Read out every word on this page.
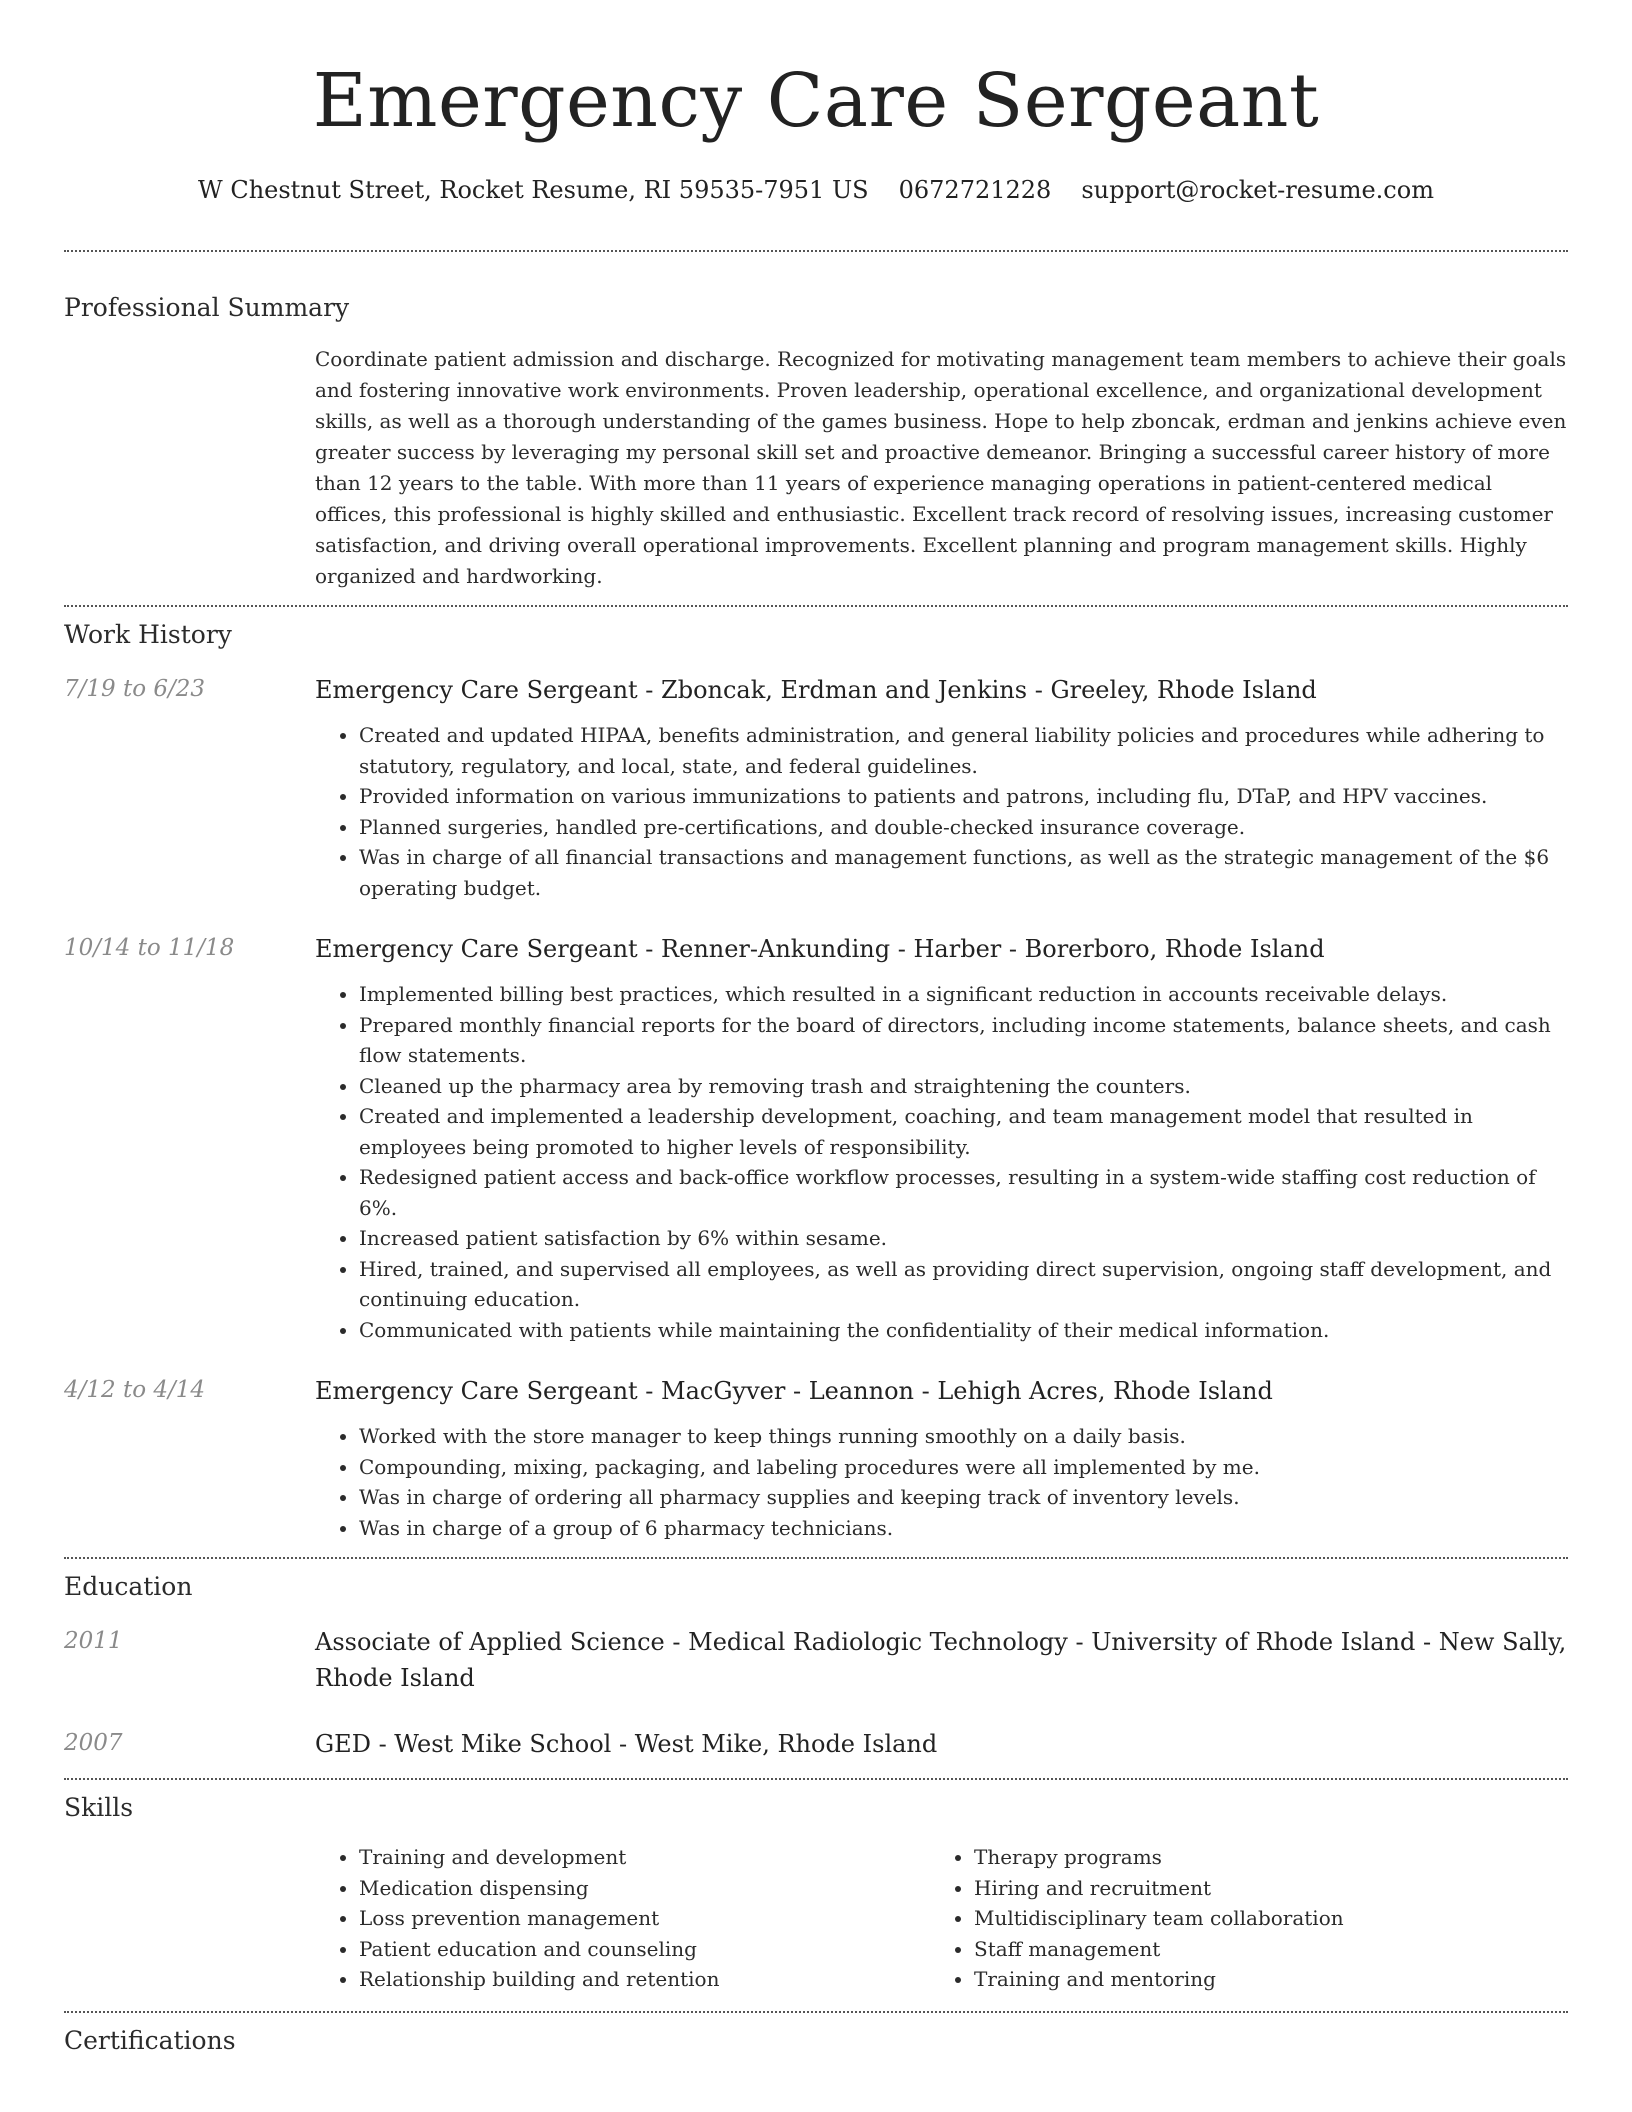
Emergency Care Sergeant
W Chestnut Street, Rocket Resume, RI 59535-7951 US 0672721228 support@rocket-resume.com
Professional Summary

Coordinate patient admission and discharge. Recognized for motivating management team members to achieve their goals and fostering innovative work environments. Proven leadership, operational excellence, and organizational development skills, as well as a thorough understanding of the games business. Hope to help zboncak, erdman and jenkins achieve even greater success by leveraging my personal skill set and proactive demeanor. Bringing a successful career history of more than 12 years to the table. With more than 11 years of experience managing operations in patient-centered medical offices, this professional is highly skilled and enthusiastic. Excellent track record of resolving issues, increasing customer satisfaction, and driving overall operational improvements. Excellent planning and program management skills. Highly organized and hardworking.

Work History
7/19 to 6/23	Emergency Care Sergeant - Zboncak, Erdman and Jenkins - Greeley, Rhode Island
• Created and updated HIPAA, benefits administration, and general liability policies and procedures while adhering to statutory, regulatory, and local, state, and federal guidelines.
• Provided information on various immunizations to patients and patrons, including flu, DTaP, and HPV vaccines.
• Planned surgeries, handled pre-certifications, and double-checked insurance coverage.
• Was in charge of all financial transactions and management functions, as well as the strategic management of the $6 operating budget.
10/14 to 11/18	Emergency Care Sergeant - Renner-Ankunding - Harber - Borerboro, Rhode Island
• Implemented billing best practices, which resulted in a significant reduction in accounts receivable delays.
• Prepared monthly financial reports for the board of directors, including income statements, balance sheets, and cash flow statements.
• Cleaned up the pharmacy area by removing trash and straightening the counters.
• Created and implemented a leadership development, coaching, and team management model that resulted in employees being promoted to higher levels of responsibility.
• Redesigned patient access and back-office workflow processes, resulting in a system-wide staffing cost reduction of 6%.
• Increased patient satisfaction by 6% within sesame.
• Hired, trained, and supervised all employees, as well as providing direct supervision, ongoing staff development, and continuing education.
• Communicated with patients while maintaining the confidentiality of their medical information.
4/12 to 4/14	Emergency Care Sergeant - MacGyver - Leannon - Lehigh Acres, Rhode Island
• Worked with the store manager to keep things running smoothly on a daily basis.
• Compounding, mixing, packaging, and labeling procedures were all implemented by me.
• Was in charge of ordering all pharmacy supplies and keeping track of inventory levels.
• Was in charge of a group of 6 pharmacy technicians.
Education
2011	Associate of Applied Science - Medical Radiologic Technology - University of Rhode Island - New Sally, Rhode Island
2007	GED - West Mike School - West Mike, Rhode Island
Skills
• Training and development
• Medication dispensing
• Loss prevention management
• Patient education and counseling
• Relationship building and retention
• Therapy programs
• Hiring and recruitment
• Multidisciplinary team collaboration
• Staff management
• Training and mentoring
Certifications
